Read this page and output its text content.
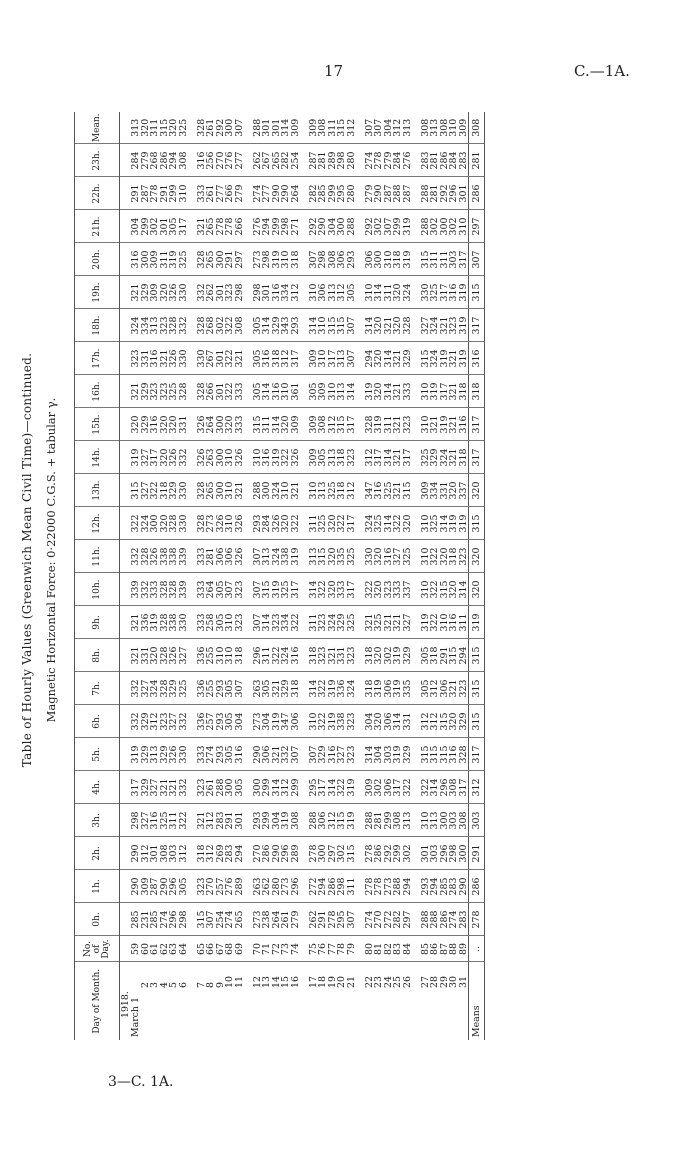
17	C.—1A.
3—C. 1A.
Table of Hourly Values (Greenwich Mean Civil Time)—continued. Magnetic Horizontal Force: 0·22000 C.G.S. + tabular γ.
Day of Month.	No. of Day.	0h.	1h.	2h.	3h.	4h.	5h.	6h.	7h.	8h.	9h.	10h.	11h.	12h.	13h.	14h.	15h.	16h.	17h.	18h.	19h.	20h.	21h.	22h.	23h.	Mean.
1918.																										
March 1	59	285	290	290	298	317	319	332	332	321	321	339	332	322	315	319	320	321	323	324	321	316	304	291	284	313
2	60	231	309	312	327	329	329	329	327	331	336	332	328	324	327	327	329	329	331	334	329	300	299	287	279	320
3	61	285	287	301	316	327	313	312	324	320	319	333	326	300	322	317	316	323	316	313	309	309	302	278	268	311
4	62	274	290	308	325	321	329	323	328	328	328	328	338	320	318	320	320	323	321	323	320	311	301	291	286	315
5	63	296	296	303	311	321	326	327	329	326	338	328	338	328	329	326	320	325	326	328	326	319	305	299	294	320
6	64	298	305	312	322	332	330	332	325	327	330	339	339	330	330	332	331	328	330	332	330	325	317	310	308	325

7	65	315	323	318	321	323	333	336	336	336	333	333	333	328	328	326	326	328	330	328	332	328	321	333	316	328
8	66	307	270	312	312	261	274	257	255	255	258	264	281	273	265	263	264	266	267	268	262	265	265	261	256	261
9	67	254	257	269	283	288	293	293	293	310	305	305	306	326	300	300	300	301	301	302	301	300	278	277	270	292
10	68	274	276	283	291	300	305	305	305	310	310	307	306	310	310	310	320	322	322	322	323	291	278	266	276	300
11	69	265	289	294	301	305	316	304	307	318	323	323	326	326	321	326	333	333	321	308	298	297	266	279	277	307

12	70	273	263	270	293	300	290	273	263	296	307	307	307	293	288	310	315	305	305	305	298	273	276	274	262	288
13	71	238	262	286	299	299	306	304	305	311	314	315	313	284	300	316	311	314	316	314	301	298	294	277	267	301
14	72	264	280	290	304	314	321	319	321	322	323	319	324	326	324	319	314	316	318	329	316	319	299	290	265	301
15	73	261	273	296	319	312	332	347	329	324	334	325	338	320	310	322	320	310	312	343	334	310	298	290	282	314
16	74	279	296	289	308	299	307	306	318	316	322	317	319	322	321	326	309	361	317	293	312	318	271	264	254	309

17	75	262	272	278	288	295	307	310	314	318	311	314	313	311	310	309	309	305	309	314	310	307	292	282	287	309
18	76	291	294	300	306	317	329	322	322	323	323	322	315	325	313	305	308	309	310	310	306	298	290	285	281	308
19	77	278	286	297	312	314	316	319	319	321	324	320	320	320	325	313	312	310	317	315	313	308	304	299	289	311
20	78	295	298	302	315	322	327	338	336	331	329	333	335	322	318	318	315	313	313	315	312	306	300	295	298	315
21	79	307	311	315	319	319	323	323	324	323	325	317	325	317	312	323	317	314	307	307	305	293	288	280	280	312

22	80	274	278	278	288	309	314	304	318	318	321	322	330	324	347	312	328	319	294	314	310	306	292	279	274	307
23	81	270	278	286	281	302	304	320	319	320	325	320	320	325	316	317	319	320	320	320	314	300	302	290	278	307
24	82	272	273	292	299	306	303	306	306	302	321	323	316	314	325	314	311	314	314	321	311	310	307	287	279	304
25	83	282	288	299	308	317	319	314	319	319	321	333	327	322	321	321	321	321	321	320	320	318	299	288	284	312
26	84	297	294	302	313	322	329	331	335	329	327	337	325	320	315	317	323	333	329	328	324	319	319	287	276	313

27	85	288	293	301	310	322	315	312	305	305	319	310	310	310	309	325	310	310	315	327	330	315	288	288	283	308
28	86	288	294	303	313	314	315	312	312	318	322	322	322	325	334	329	321	319	324	324	325	311	302	281	281	313
29	87	286	285	296	300	296	315	315	306	291	310	315	320	314	331	324	319	317	319	321	317	311	300	292	286	308
30	88	274	283	298	303	308	316	320	321	315	316	320	318	319	320	321	321	321	321	323	316	303	302	296	284	310
31	89	283	290	300	308	317	328	329	323	294	311	314	323	319	337	318	316	318	319	319	319	317	310	301	283	309
Means	..	278	286	291	303	312	317	315	315	315	319	320	320	315	320	317	317	318	316	317	315	307	297	286	281	308
